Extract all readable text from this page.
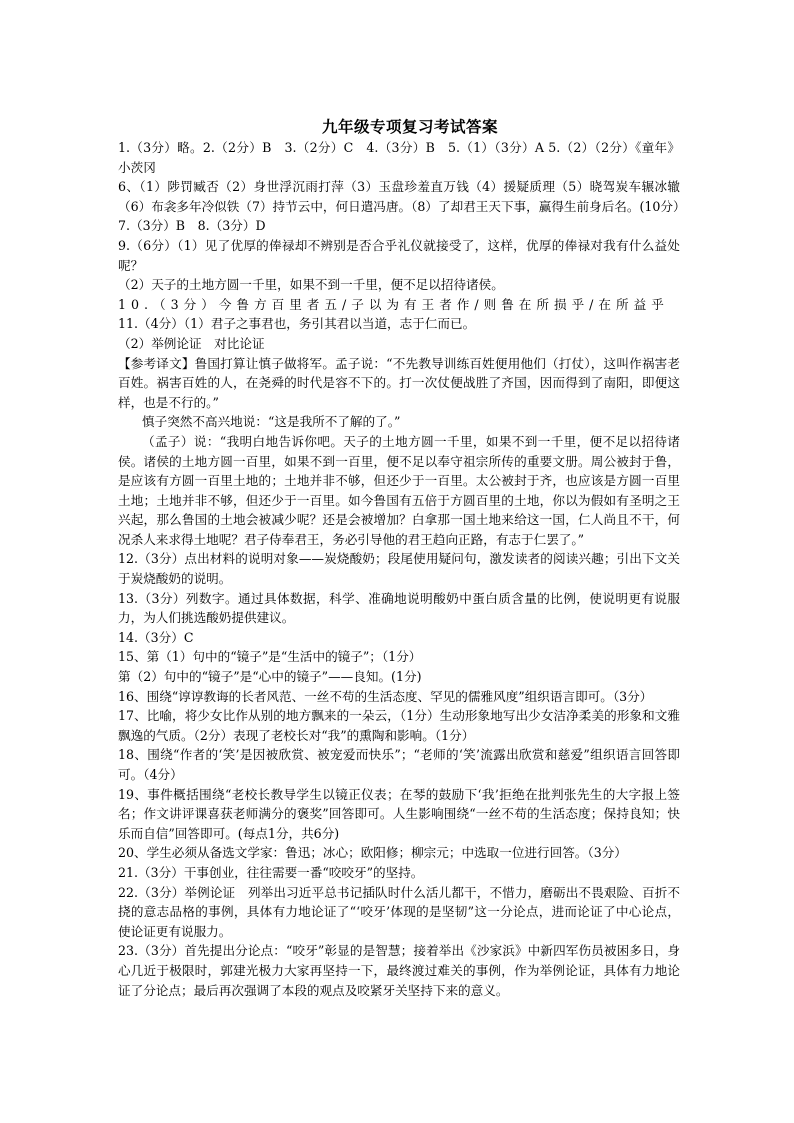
九年级专项复习考试答案

1.（3分）略。2.（2分）B　3.（2分）C　4.（3分）B　5.（1）（3分）A 5.（2）（2分）《童年》 小茨冈

6、（1）陟罚臧否（2）身世浮沉雨打萍（3）玉盘珍羞直万钱（4）援疑质理（5）晓驾炭车辗冰辙（6）布衾多年冷似铁（7）持节云中，何日遣冯唐。（8）了却君王天下事，赢得生前身后名。(10分）

7.（3分）B　8.（3分）D

9.（6分）（1）见了优厚的俸禄却不辨别是否合乎礼仪就接受了，这样，优厚的俸禄对我有什么益处呢？

（2）天子的土地方圆一千里，如果不到一千里，便不足以招待诸侯。

10.（3分）今鲁方百里者五/子以为有王者作/则鲁在所损乎/在所益乎

11.（4分）（1）君子之事君也，务引其君以当道，志于仁而已。

（2）举例论证　对比论证

【参考译文】鲁国打算让慎子做将军。孟子说：“不先教导训练百姓便用他们（打仗），这叫作祸害老百姓。祸害百姓的人，在尧舜的时代是容不下的。打一次仗便战胜了齐国，因而得到了南阳，即便这样，也是不行的。”

慎子突然不高兴地说：“这是我所不了解的了。”

（孟子）说：“我明白地告诉你吧。天子的土地方圆一千里，如果不到一千里，便不足以招待诸侯。诸侯的土地方圆一百里，如果不到一百里，便不足以奉守祖宗所传的重要文册。周公被封于鲁，是应该有方圆一百里土地的；土地并非不够，但还少于一百里。太公被封于齐，也应该是方圆一百里土地；土地并非不够，但还少于一百里。如今鲁国有五倍于方圆百里的土地，你以为假如有圣明之王兴起，那么鲁国的土地会被减少呢？还是会被增加？白拿那一国土地来给这一国，仁人尚且不干，何况杀人来求得土地呢？君子侍奉君王，务必引导他的君王趋向正路，有志于仁罢了。”

12.（3分）点出材料的说明对象——炭烧酸奶；段尾使用疑问句，激发读者的阅读兴趣；引出下文关于炭烧酸奶的说明。

13.（3分）列数字。通过具体数据，科学、准确地说明酸奶中蛋白质含量的比例，使说明更有说服力，为人们挑选酸奶提供建议。

14.（3分）C

15、第（1）句中的“镜子”是“生活中的镜子”；（1分）

第（2）句中的“镜子”是“心中的镜子”——良知。(1分)

16、围绕“谆谆教诲的长者风范、一丝不苟的生活态度、罕见的儒雅风度”组织语言即可。（3分）

17、比喻，将少女比作从别的地方飘来的一朵云，（1分）生动形象地写出少女洁净柔美的形象和文雅飘逸的气质。（2分）表现了老校长对“我”的熏陶和影响。（1分）

18、围绕“作者的‘笑’是因被欣赏、被宠爱而快乐”；“老师的‘笑’流露出欣赏和慈爱”组织语言回答即可。（4分）

19、事件概括围绕“老校长教导学生以镜正仪表；在琴的鼓励下‘我’拒绝在批判张先生的大字报上签名；作文讲评课喜获老师满分的褒奖”回答即可。人生影响围绕“一丝不苟的生活态度；保持良知；快乐而自信”回答即可。(每点1分，共6分)

20、学生必须从备选文学家：鲁迅；冰心；欧阳修；柳宗元；中选取一位进行回答。（3分）

21.（3分）干事创业，往往需要一番“咬咬牙”的坚持。

22.（3分）举例论证　列举出习近平总书记插队时什么活儿都干，不惜力，磨砺出不畏艰险、百折不挠的意志品格的事例，具体有力地论证了“‘咬牙’体现的是坚韧”这一分论点，进而论证了中心论点，使论证更有说服力。

23.（3分）首先提出分论点：“咬牙”彰显的是智慧；接着举出《沙家浜》中新四军伤员被困多日，身心几近于极限时，郭建光极力大家再坚持一下，最终渡过难关的事例，作为举例论证，具体有力地论证了分论点；最后再次强调了本段的观点及咬紧牙关坚持下来的意义。
